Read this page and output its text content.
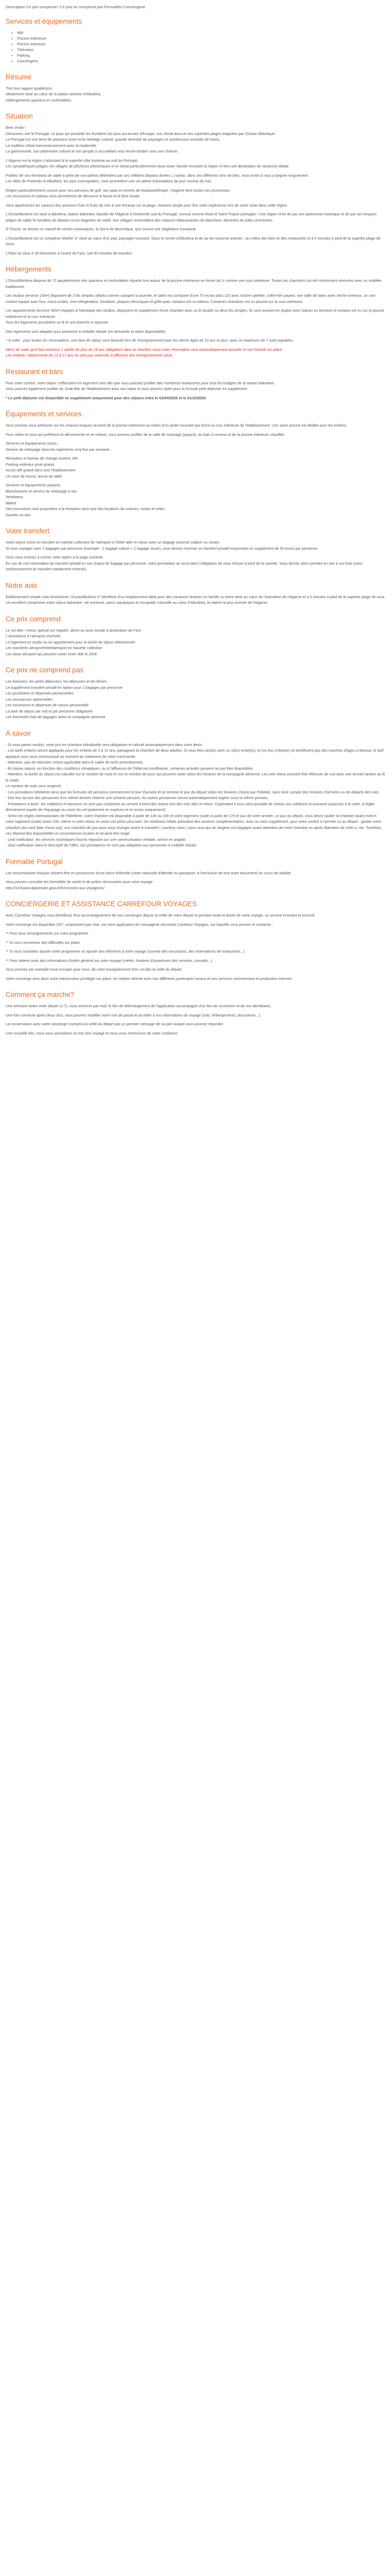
Description Ce prix comprend / Ce prix ne comprend pas Formalités Conciergerie
Services et équipements
• Wifi
• Piscine extérieure
• Piscine intérieure
• Télévision
• Parking
• Conciergerie
Résumé

Très bon rapport qualité/prix.
Idéalement situé au cœur de la station animée d'Albufeira.
Hébergements spacieux et confortables.

Situation

Bem Vindo !
Découvrez vite le Portugal, ce pays qui possède les frontières les plus anciennes d'Europe, son climat doux et ses superbes plages baignées par l'Océan Atlantique.
Le Portugal est une terre de passions entre riche héritage culturel, grande diversité de paysages et nombreuses activités de loisirs.
La tradition côtoie harmonieusement avec la modernité.
La gastronomie, son patrimoine culturel et son peuple si accueillant vous feront tomber sous son charme.

L'Algarve est la région s'adossant à la superbe côte lusitanie au sud du Portugal.
Les sympathiques plages, les villages de pêcheurs pittoresques et le climat particulièrement doux toute l'année écoutent la région et font une destination de vacances idéale.

Profitez de ses étendues de sable à perte de vue parfois délimitées par ses célèbres falaises dorées. L'océan, dans ses différents tons de bleu, vous invite à vous y baigner longuement.
Les villes de Portimão et Albufeira, les plus cosmopolites, vous promettent une vie pleine d'animations de jour comme de nuit.

Région particulièrement connue pour ses parcours de golf, ses spas et centres de thalassothérapie, l'Algarve tient toutes ses promesses.
Les excursions en bateau vous permettront de découvrir la faune et la flore locale.

Vous apprécierez les saveurs des poissons frais et fruits de mer à une terrasse sur la plage, moment simple pour finir votre expérience lors de votre visite dans cette région.

L'Oura/Albufeira est situé à Albufeira, station balnéaire réputée de l'Algarve à l'extrémité sud du Portugal, connue comme étant le Saint-Tropez portugais ! Une région riche de par son patrimoine historique et de par ses longues plages de sable fin bordées de falaises ocres baignées de soleil. Ses villages ressemblent des maisons éblouissantes de blancheur, décorées de jolies cheminées.

À l'Ouest, se dresse un massif de roches volcaniques, la Serra de Monchique, que couvre une végétation luxuriante.

L'Oura/Albufeira est un complexe hôtelier 3* situé au cœur d'un parc paysager luxuriant. Dans le centre d'Albufeira et de sa vie nocturne animée ; au milieu des bars et des restaurants et à 5 minutes à pied de la superbe plage de Oura.

L'hôtel se situe à 39 kilomètres à l'ouest de Faro, soit 40 minutes de transfert.

Hébergements

L'Oura/Albufeira dispose de 72 appartements très spacieux et confortables répartis tout autour de la piscine extérieure en forme de U comme une cour intérieure. Toutes les chambres ont été récemment rénovées avec un mobilier traditionnel.

Les studios (environ 23m²) disposent de 2 lits simples utilisés comme canapés la journée, le salon est composé d'une TV écran plat LCD avec chaîne satellite, coffre-fort payant, une salle de bains avec sèche-cheveux, un coin cuisine équipé avec four, micro-ondes, mini-réfrigérateur, bouilloire, plaques électriques et grille-pain, certains ont un balcon. Certaines chambres ont vu piscine sur la cour intérieure.

Les appartements (environ 40m²) équipés à l'identique des studios, disposent en supplément d'une chambre avec un lit double ou deux lits simples. Ils sont souvent en duplex avec balcon ou terrasse et certains ont vu sur la piscine extérieure et la cour intérieure.
Tous les logements possèdent un lit et une planche à repasser.

Des logements sont adaptés pour personne à mobilité réduite (en demande et selon disponibilité).

* À noter : pour toutes les réservations, une taxe de séjour sera facturée lors de l'enregistrement pour les clients âgés de 13 ans et plus, avec un maximum de 7 nuits payables.

Merci de noter qu'il faut minimum 1 adulte de plus de 18 ans obligatoire dans la chambre sinon votre réservation sera automatiquement annulée et non honoré sur place
Les enfants / adolescents de 13 à 17 ans ne sont pas autorisés à effectuer des enregistrements seuls.

Restaurant et bars

Pour votre confort, votre séjour s'effectuera en logement seul afin que vous puissiez profiter des nombreux restaurants pour tous les budgets de la station balnéaire.
Vous pourrez également profiter du Snak-Bar de l'établissement pour vos repas et vous pourrez opter pour la formule petit déjeuner en supplément.

* Le petit déjeuner est disponible en supplément uniquement pour des séjours entre le 01/04/2026 et le 31/10/2026

Équipements et services

Vous pourrez vous prélasser sur les chaises longues au bord de la piscine extérieure au milieu d'un jardin luxuriant qui forme la cour intérieure de l'établissement. Une autre piscine est dédiée pour les enfants.

Pour celles et ceux qui préfèrent se déconnecter et se relaxer, vous pourrez profiter de la salle de massage (payant), du bain à remous et de la piscine intérieure chauffée.

Services et équipements inclus :
Service de nettoyage dans les logements cinq fois par semaine

Réception et bureau de change ouverts 24h
Parking extérieur privé gratuit
Accès wifi gratuit dans tout l'établissement
Un court de tennis, tennis de table

Services et équipements payants :
Blanchisserie et service de nettoyage à sec
Ventilateur
Billard
Des excursions sont proposées à la réception ainsi que des locations de voitures, motos et vélos
Navette ou taxi

Votre transfert

Votre séjour inclut un transfert en navette collective de l'aéroport à l'hôtel aller et retour avec un bagage autorisé (cabine ou soute).
Si vous voyagez avec 2 bagages par personne (exemple : 1 bagage cabine + 1 bagage soute), vous devrez réserver un transfert privatif moyennant un supplément de 50 euros par personne.

Vous vous inclinez à cocher cette option à la page suivante.
En cas de non-réservation du transfert privatif en cas d'ajout de bagage par personne, notre prestataire se verra dans l'obligation de vous refuser à bord de la navette. Vous devrez alors prendre en taxi à vos frais (sans remboursement du transfert initialement réservé).

Notre avis

Établissement simple mais fonctionnel, l'Oura/Albufeira 3* bénéficie d'un emplacement idéal pour des vacances festives en famille ou entre amis au cœur de l'animation de l'Algarve et à 5 minutes à pied de la superbe plage de oura. Un excellent compromis entre séjour balnéaire, vie nocturne, parcs aquatiques et escapade culturelle au cœur d'Albufeira, la station la plus animée de l'Algarve.

Ce prix comprend

Le vol aller / retour spécial sur régulier, direct ou avec escale à destination de Faro
L'assistance à l'aéroport d'arrivée
Le logement en studio ou en appartement pour la durée de séjour sélectionnée
Les transferts aéroport/hôtel/aéroport en Navette collective
Les taxes aéroport qui peuvent varier entre 30€ et 200€

Ce prix ne comprend pas

Les boissons, les petits déjeuners, les déjeuners et les dîners
Le supplément transfert privatif en option pour 2 bagages par personne
Les pourboires et dépenses personnelles
Les assurances optionnelles
Les excursions et dépenses de nature personnelle
La taxe de séjour par nuit et par personne obligatoire
Les éventuels frais de bagages selon la compagnie aérienne

À savoir

- Si vous partez seul(e), votre prix en chambre individuelle sera obligatoire et calculé automatiquement dans votre devis.
- Les tarifs enfants seront appliqués pour les enfants de 2 à 12 ans, partageant la chambre de deux adultes. Si vous êtes seul(e) avec un (des) enfant(s), le (ou les) enfant(s) ne bénéficient pas des tranches d'âges ci-dessus, le tarif appliqué vous sera communiqué au moment du traitement de votre commande.
- Attention, pas de réduction enfant applicable dans le cadre de tarifs promotionnels.
- En basse saison, en fonction des conditions climatiques, ou à l'affluence de l'hôtel est insuffisante, certaines activités peuvent ne pas être disponibles.
- Attention, la durée du séjour est calculée sur le nombre de nuits et non le nombre de jours qui peuvent varier selon les horaires de la compagnie aérienne. Les vols retour peuvent être effectuer de nuit avec une arrivée tardive au lit le matin.
Le nombre de nuits sera respecté.
- Les prestations hôtelières ainsi que les formules de pensions commencent le jour d'arrivée et se termine le jour du départ selon les horaires choisis par l'hôtelier, sans tenir compte des horaires d'arrivées ou de départs des vols.
- Des lors qu'une des personnes d'un même dossier réserve une certaine pension, les autres personnes seront automatiquement logées sous la même pension.
- Prestations à bord : les collations et boissons ne sont pas comprises au service à bord des avions lors des vols aller et retour. Cependant il vous sera possible de choisir vos collations et boissons proposés à la carte, à régler directement auprès de l'équipage au cours du vol (paiement en espèces et en euros uniquement).
- Selon les règles internationales de l'hôtellerie, votre chambre est disponible à partir de 14h ou 15h et votre logement (suite) à partir de 17h le jour de votre arrivée. Le jour du départ, vous devez quitter la chambre avant midi et votre logement (suite) avant 10h, même si votre retour en avion est prévu plus tard. De nombreux hôtels prévoient des services complémentaires, avec ou sans supplément, pour votre confort à l'arrivée ou au départ : garder votre chambre plus tard (late check-out), une chambre de jour pour vous changer avant le transfert ( courtesy room ) pour ceux qui ne rangent vos bagages avant obtention de votre chambre ou après libération de celle-ci, etc. Toutefois, ces dépend des disponibilités et circonstances locales et ne peut être exigé.
- Leal notification, les services touristiques fournis reposant sur une communication verbale, seront en anglais.
- Seul notification dans le descriptif de l'offre, nos prestations ne sont pas adaptées aux personnes à mobilité réduite.

Formalité Portugal

Les ressortissants français doivent être en possession d'une pièce d'identité (carte nationale d'identité ou passeport, à l'exclusion de tout autre document) en cours de validité.

Vous pouvez consulter les formalités de santé et de police nécessaires pour votre voyage :
http://XXXwww.diplomatie.gouv.fr/fr/conseils-aux-voyageurs/

CONCIERGERIE ET ASSISTANCE CARREFOUR VOYAGES

Avec Carrefour Voyages vous bénéficiez d'un accompagnement de nos concierges depuis la veille de votre départ et pendant toute la durée de votre voyage, un service innovant et exclusif.

Votre concierge est disponible 24/7, uniquement par chat, via votre application de messagerie sécurisée Carrefour Voyages, sur laquelle vous pouvez le contacter :

** Pour tous renseignements sur votre programme

** Si vous rencontrez des difficultés sur place

** Si vous souhaitez ajouter votre programme ou ajouter des éléments à votre voyage (comme des excursions, des réservations de restaurants...)

** Pour obtenir avoir des informations d'ordre général sur votre voyage (météo, horaires d'ouvertures des services, conseils...)

Vous pourrez par exemple nous occuper pour vous, de votre enregistrement d'en vol dès la veille du départ

Votre concierge sera alors votre interlocuteur privilégié sur place, en relation directe avec nos différents partenaires locaux et nos services commerciaux et production internes.

Comment ça marche?

Une semaine avant votre départ (J-7), vous recevrez par mail, le lien de téléchargement de l'application accompagné d'un lien de connexion et de vos identifiants.

Une fois connecté après deux clics, vous pourrez modifier votre mot de passe et accéder à vos informations de voyage (vols, hébergements, documents...).

La conversation avec votre concierge s'activera la veille du départ par un premier message de sa part auquel vous pourrez répondre.

Une nouvelle fois, nous vous souhaitons un très bon voyage et nous vous remercions de votre confiance.
